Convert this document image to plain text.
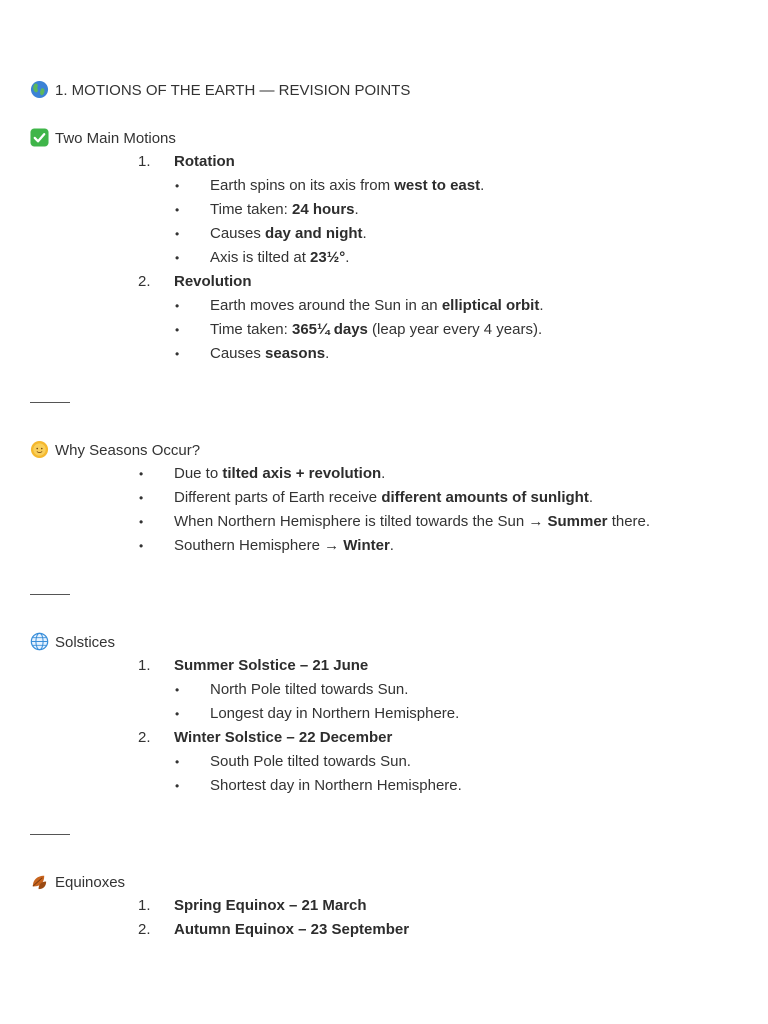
1. MOTIONS OF THE EARTH — REVISION POINTS
Two Main Motions
1. Rotation
• Earth spins on its axis from west to east.
• Time taken: 24 hours.
• Causes day and night.
• Axis is tilted at 23½°.
2. Revolution
• Earth moves around the Sun in an elliptical orbit.
• Time taken: 365¼ days (leap year every 4 years).
• Causes seasons.
Why Seasons Occur?
• Due to tilted axis + revolution.
• Different parts of Earth receive different amounts of sunlight.
• When Northern Hemisphere is tilted towards the Sun → Summer there.
• Southern Hemisphere → Winter.
Solstices
1. Summer Solstice – 21 June
• North Pole tilted towards Sun.
• Longest day in Northern Hemisphere.
2. Winter Solstice – 22 December
• South Pole tilted towards Sun.
• Shortest day in Northern Hemisphere.
Equinoxes
1. Spring Equinox – 21 March
2. Autumn Equinox – 23 September
